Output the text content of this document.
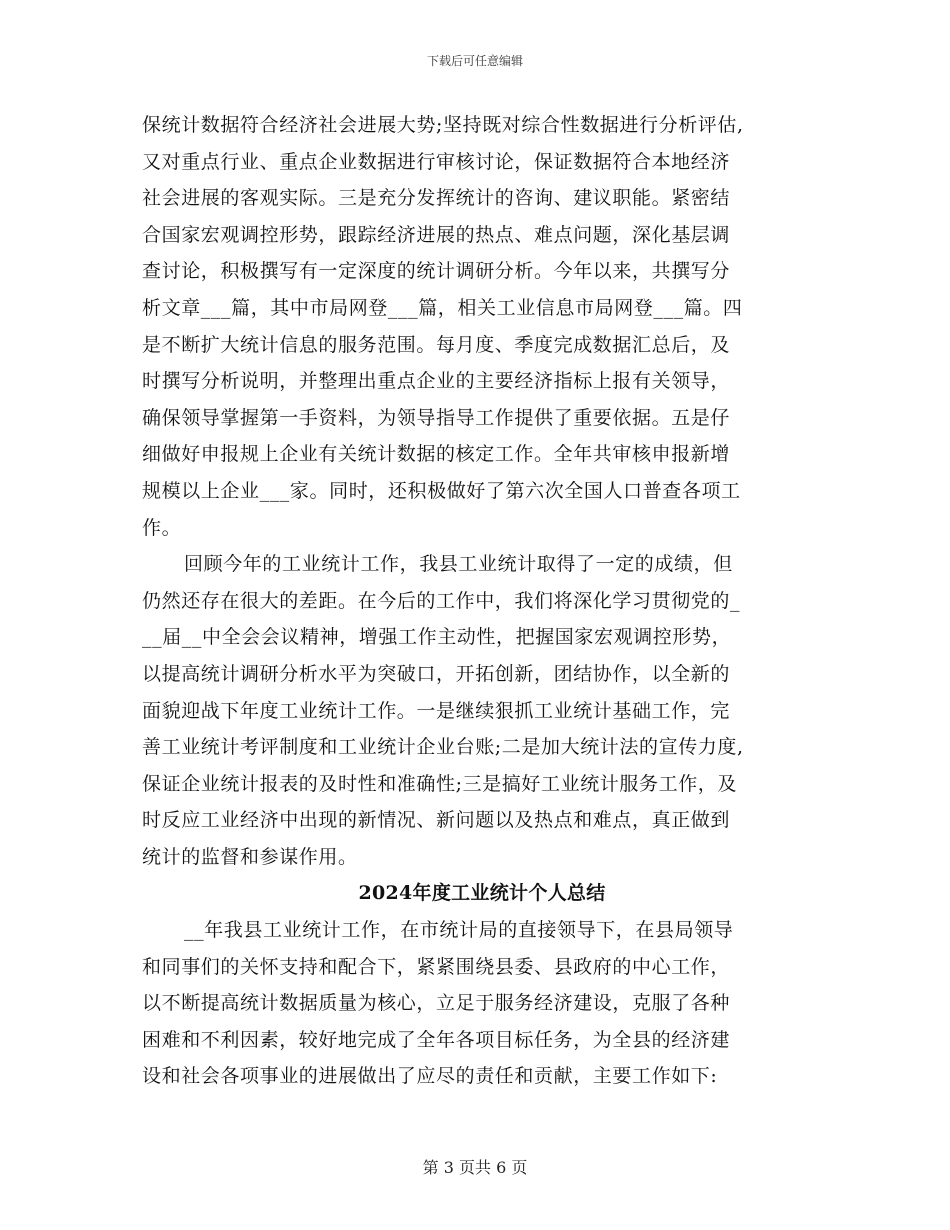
下载后可任意编辑
保统计数据符合经济社会进展大势;坚持既对综合性数据进行分析评估,
又对重点行业、重点企业数据进行审核讨论，保证数据符合本地经济
社会进展的客观实际。三是充分发挥统计的咨询、建议职能。紧密结
合国家宏观调控形势，跟踪经济进展的热点、难点问题，深化基层调
查讨论，积极撰写有一定深度的统计调研分析。今年以来，共撰写分
析文章___篇，其中市局网登___篇，相关工业信息市局网登___篇。四
是不断扩大统计信息的服务范围。每月度、季度完成数据汇总后，及
时撰写分析说明，并整理出重点企业的主要经济指标上报有关领导，
确保领导掌握第一手资料，为领导指导工作提供了重要依据。五是仔
细做好申报规上企业有关统计数据的核定工作。全年共审核申报新增
规模以上企业___家。同时，还积极做好了第六次全国人口普查各项工
作。
回顾今年的工业统计工作，我县工业统计取得了一定的成绩，但
仍然还存在很大的差距。在今后的工作中，我们将深化学习贯彻党的_
__届__中全会会议精神，增强工作主动性，把握国家宏观调控形势，
以提高统计调研分析水平为突破口，开拓创新，团结协作，以全新的
面貌迎战下年度工业统计工作。一是继续狠抓工业统计基础工作，完
善工业统计考评制度和工业统计企业台账;二是加大统计法的宣传力度,
保证企业统计报表的及时性和准确性;三是搞好工业统计服务工作，及
时反应工业经济中出现的新情况、新问题以及热点和难点，真正做到
统计的监督和参谋作用。
2024年度工业统计个人总结
__年我县工业统计工作，在市统计局的直接领导下，在县局领导
和同事们的关怀支持和配合下，紧紧围绕县委、县政府的中心工作，
以不断提高统计数据质量为核心，立足于服务经济建设，克服了各种
困难和不利因素，较好地完成了全年各项目标任务，为全县的经济建
设和社会各项事业的进展做出了应尽的责任和贡献，主要工作如下:
第 3 页共 6 页
